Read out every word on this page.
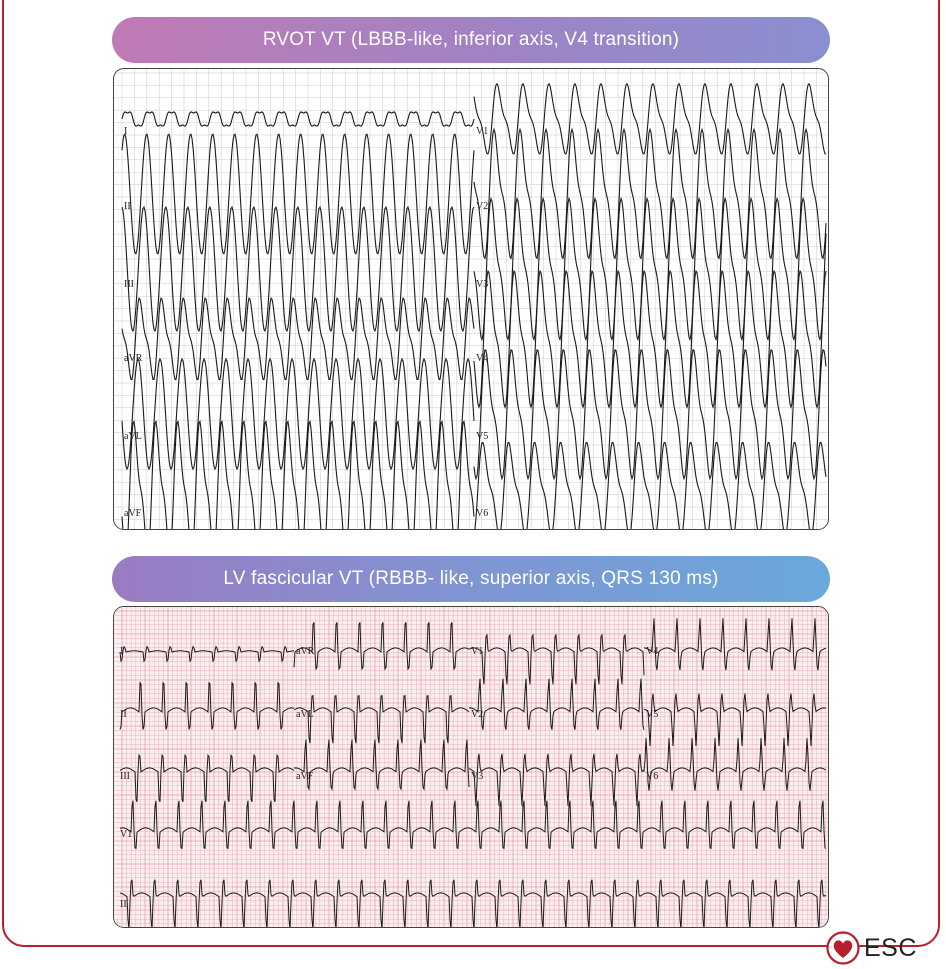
RVOT VT (LBBB-like, inferior axis, V4 transition)
I
II
III
aVR
aVL
aVF
V1
V2
V3
V4
V5
V6
LV fascicular VT (RBBB- like, superior axis, QRS 130 ms)
I
II
III
V1
II
aVR
aVL
aVF
V1
V2
V3
V4
V5
V6
ESC
